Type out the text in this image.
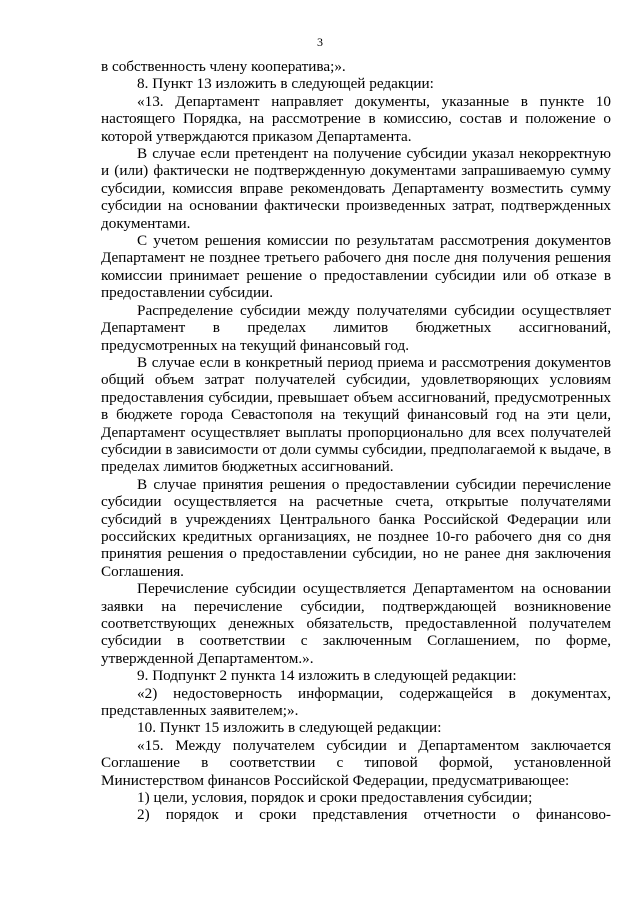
3

в собственность члену кооператива;».

8. Пункт 13 изложить в следующей редакции:

«13. Департамент направляет документы, указанные в пункте 10 настоящего Порядка, на рассмотрение в комиссию, состав и положение о которой утверждаются приказом Департамента.

В случае если претендент на получение субсидии указал некорректную и (или) фактически не подтвержденную документами запрашиваемую сумму субсидии, комиссия вправе рекомендовать Департаменту возместить сумму субсидии на основании фактически произведенных затрат, подтвержденных документами.

С учетом решения комиссии по результатам рассмотрения документов Департамент не позднее третьего рабочего дня после дня получения решения комиссии принимает решение о предоставлении субсидии или об отказе в предоставлении субсидии.

Распределение субсидии между получателями субсидии осуществляет Департамент в пределах лимитов бюджетных ассигнований, предусмотренных на текущий финансовый год.

В случае если в конкретный период приема и рассмотрения документов общий объем затрат получателей субсидии, удовлетворяющих условиям предоставления субсидии, превышает объем ассигнований, предусмотренных в бюджете города Севастополя на текущий финансовый год на эти цели, Департамент осуществляет выплаты пропорционально для всех получателей субсидии в зависимости от доли суммы субсидии, предполагаемой к выдаче, в пределах лимитов бюджетных ассигнований.

В случае принятия решения о предоставлении субсидии перечисление субсидии осуществляется на расчетные счета, открытые получателями субсидий в учреждениях Центрального банка Российской Федерации или российских кредитных организациях, не позднее 10-го рабочего дня со дня принятия решения о предоставлении субсидии, но не ранее дня заключения Соглашения.

Перечисление субсидии осуществляется Департаментом на основании заявки на перечисление субсидии, подтверждающей возникновение соответствующих денежных обязательств, предоставленной получателем субсидии в соответствии с заключенным Соглашением, по форме, утвержденной Департаментом.».

9. Подпункт 2 пункта 14 изложить в следующей редакции:

«2) недостоверность информации, содержащейся в документах, представленных заявителем;».

10. Пункт 15 изложить в следующей редакции:

«15. Между получателем субсидии и Департаментом заключается Соглашение в соответствии с типовой формой, установленной Министерством финансов Российской Федерации, предусматривающее:

1) цели, условия, порядок и сроки предоставления субсидии;

2) порядок и сроки представления отчетности о финансово-
